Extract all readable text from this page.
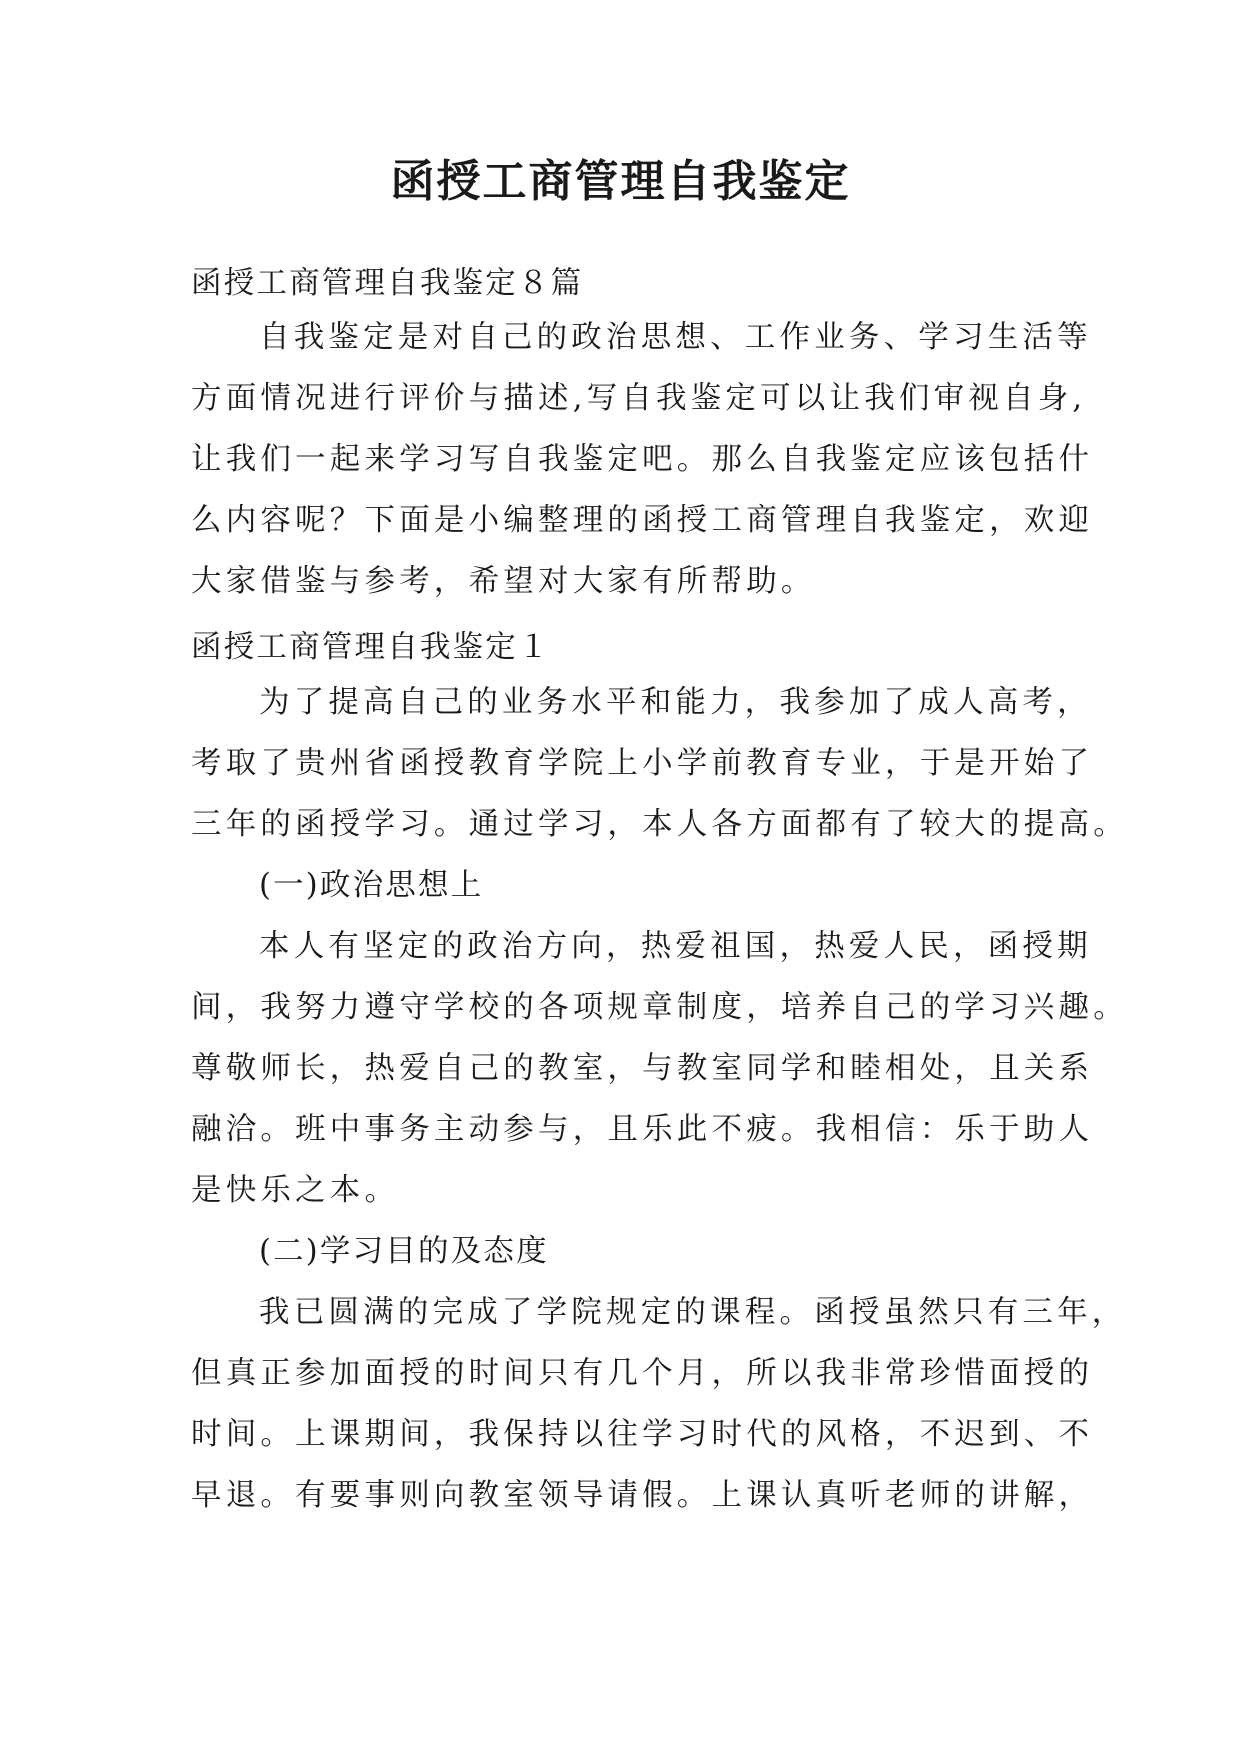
函授工商管理自我鉴定
函授工商管理自我鉴定８篇
自我鉴定是对自己的政治思想、工作业务、学习生活等
方面情况进行评价与描述,写自我鉴定可以让我们审视自身,
让我们一起来学习写自我鉴定吧。那么自我鉴定应该包括什
么内容呢？下面是小编整理的函授工商管理自我鉴定，欢迎
大家借鉴与参考，希望对大家有所帮助。
函授工商管理自我鉴定１
为了提高自己的业务水平和能力，我参加了成人高考，
考取了贵州省函授教育学院上小学前教育专业，于是开始了
三年的函授学习。通过学习，本人各方面都有了较大的提高。
(一)政治思想上
本人有坚定的政治方向，热爱祖国，热爱人民，函授期
间，我努力遵守学校的各项规章制度，培养自己的学习兴趣。
尊敬师长，热爱自己的教室，与教室同学和睦相处，且关系
融洽。班中事务主动参与，且乐此不疲。我相信：乐于助人
是快乐之本。
(二)学习目的及态度
我已圆满的完成了学院规定的课程。函授虽然只有三年，
但真正参加面授的时间只有几个月，所以我非常珍惜面授的
时间。上课期间，我保持以往学习时代的风格，不迟到、不
早退。有要事则向教室领导请假。上课认真听老师的讲解，
